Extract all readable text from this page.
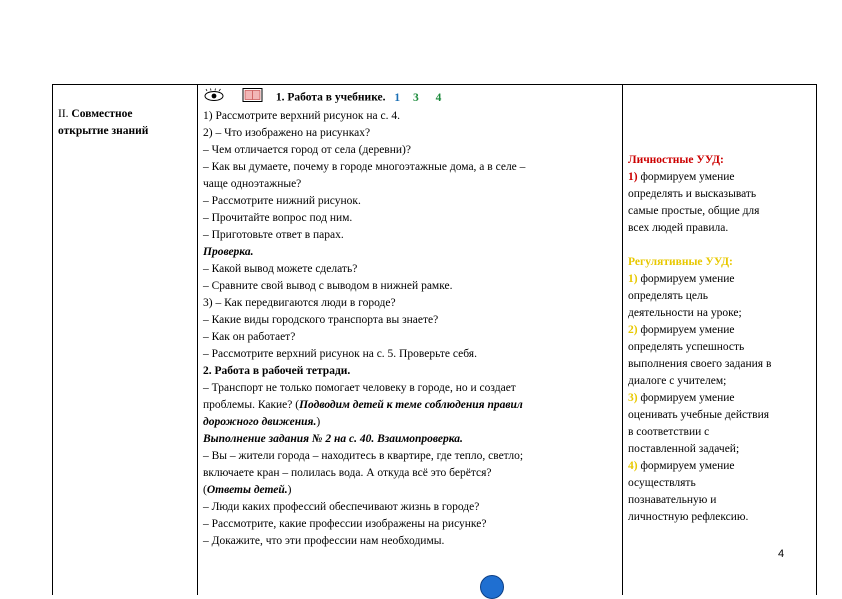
II. Совместное
открытие знаний
1. Работа в учебнике. 1 3 4
1) Рассмотрите верхний рисунок на с. 4.
2) – Что изображено на рисунках?
– Чем отличается город от села (деревни)?
– Как вы думаете, почему в городе многоэтажные дома, а в селе –
чаще одноэтажные?
– Рассмотрите нижний рисунок.
– Прочитайте вопрос под ним.
– Приготовьте ответ в парах.
Проверка.
– Какой вывод можете сделать?
– Сравните свой вывод с выводом в нижней рамке.
3) – Как передвигаются люди в городе?
– Какие виды городского транспорта вы знаете?
– Как он работает?
– Рассмотрите верхний рисунок на с. 5. Проверьте себя.
2. Работа в рабочей тетради.
– Транспорт не только помогает человеку в городе, но и создает
проблемы. Какие? (Подводим детей к теме соблюдения правил
дорожного движения.)
Выполнение задания № 2 на с. 40. Взаимопроверка.
– Вы – жители города – находитесь в квартире, где тепло, светло;
включаете кран – полилась вода. А откуда всё это берётся?
(Ответы детей.)
– Люди каких профессий обеспечивают жизнь в городе?
– Рассмотрите, какие профессии изображены на рисунке?
– Докажите, что эти профессии нам необходимы.
Личностные УУД:
1) формируем умение
определять и высказывать
самые простые, общие для
всех людей правила.
Регулятивные УУД:
1) формируем умение
определять цель
деятельности на уроке;
2) формируем умение
определять успешность
выполнения своего задания в
диалоге с учителем;
3) формируем умение
оценивать учебные действия
в соответствии с
поставленной задачей;
4) формируем умение
осуществлять
познавательную и
личностную рефлексию.
4
